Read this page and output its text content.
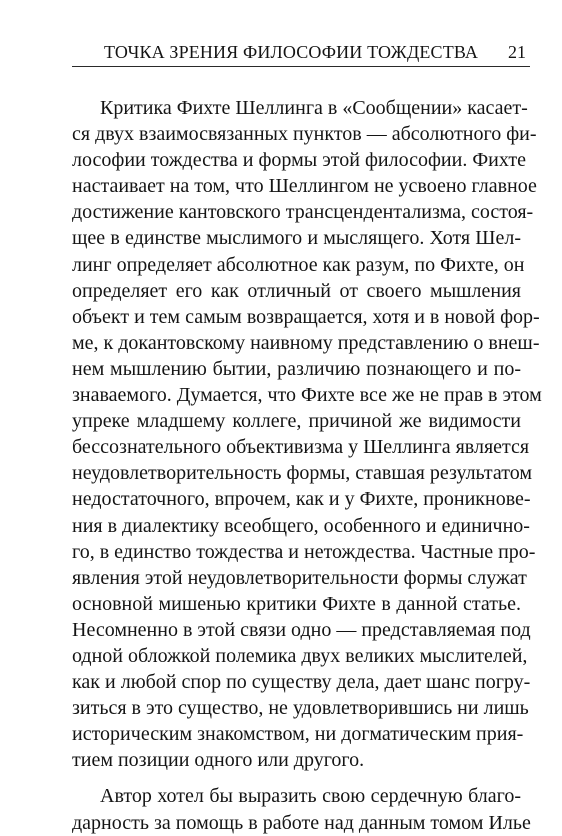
ТОЧКА ЗРЕНИЯ ФИЛОСОФИИ ТОЖДЕСТВА 21
Критика Фихте Шеллинга в «Сообщении» касает-
ся двух взаимосвязанных пунктов — абсолютного фи-
лософии тождества и формы этой философии. Фихте
настаивает на том, что Шеллингом не усвоено главное
достижение кантовского трансцендентализма, состоя-
щее в единстве мыслимого и мыслящего. Хотя Шел-
линг определяет абсолютное как разум, по Фихте, он
определяет его как отличный от своего мышления
объект и тем самым возвращается, хотя и в новой фор-
ме, к докантовскому наивному представлению о внеш-
нем мышлению бытии, различию познающего и по-
знаваемого. Думается, что Фихте все же не прав в этом
упреке младшему коллеге, причиной же видимости
бессознательного объективизма у Шеллинга является
неудовлетворительность формы, ставшая результатом
недостаточного, впрочем, как и у Фихте, проникнове-
ния в диалектику всеобщего, особенного и единично-
го, в единство тождества и нетождества. Частные про-
явления этой неудовлетворительности формы служат
основной мишенью критики Фихте в данной статье.
Несомненно в этой связи одно — представляемая под
одной обложкой полемика двух великих мыслителей,
как и любой спор по существу дела, дает шанс погру-
зиться в это существо, не удовлетворившись ни лишь
историческим знакомством, ни догматическим прия-
тием позиции одного или другого.
Автор хотел бы выразить свою сердечную благо-
дарность за помощь в работе над данным томом Илье
